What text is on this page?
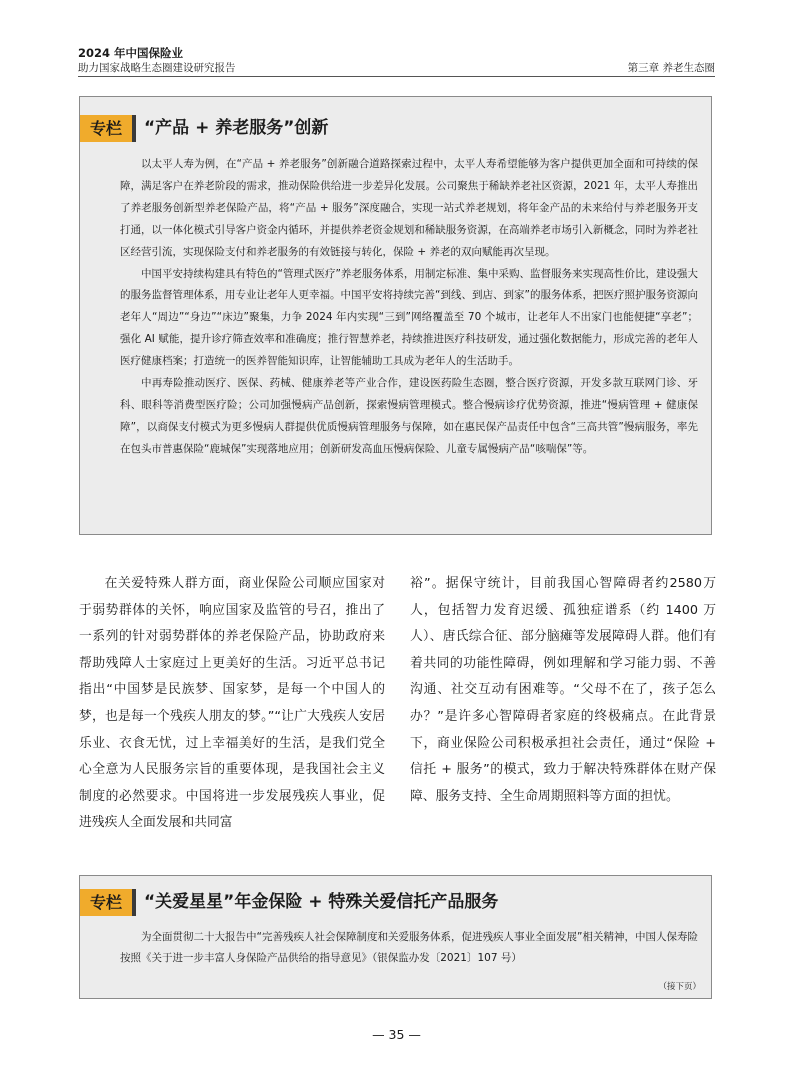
2024 年中国保险业
助力国家战略生态圈建设研究报告	第三章 养老生态圈
专栏	“产品 + 养老服务”创新

以太平人寿为例，在“产品 + 养老服务”创新融合道路探索过程中，太平人寿希望能够为客户提供更加全面和可持续的保障，满足客户在养老阶段的需求，推动保险供给进一步差异化发展。公司聚焦于稀缺养老社区资源，2021 年，太平人寿推出了养老服务创新型养老保险产品，将“产品 + 服务”深度融合，实现一站式养老规划，将年金产品的未来给付与养老服务开支打通，以一体化模式引导客户资金内循环，并提供养老资金规划和稀缺服务资源，在高端养老市场引入新概念，同时为养老社区经营引流，实现保险支付和养老服务的有效链接与转化，保险 + 养老的双向赋能再次呈现。

中国平安持续构建具有特色的“管理式医疗”养老服务体系，用制定标准、集中采购、监督服务来实现高性价比，建设强大的服务监督管理体系，用专业让老年人更幸福。中国平安将持续完善“到线、到店、到家”的服务体系，把医疗照护服务资源向老年人“周边”“身边”“床边”聚集，力争 2024 年内实现“三到”网络覆盖至 70 个城市，让老年人不出家门也能便捷“享老”；强化 AI 赋能，提升诊疗筛查效率和准确度；推行智慧养老，持续推进医疗科技研发，通过强化数据能力，形成完善的老年人医疗健康档案；打造统一的医养智能知识库，让智能辅助工具成为老年人的生活助手。

中再寿险推动医疗、医保、药械、健康养老等产业合作，建设医药险生态圈，整合医疗资源，开发多款互联网门诊、牙科、眼科等消费型医疗险；公司加强慢病产品创新，探索慢病管理模式。整合慢病诊疗优势资源，推进“慢病管理 + 健康保障”，以商保支付模式为更多慢病人群提供优质慢病管理服务与保障，如在惠民保产品责任中包含“三高共管”慢病服务，率先在包头市普惠保险“鹿城保”实现落地应用；创新研发高血压慢病保险、儿童专属慢病产品“咳喘保”等。

在关爱特殊人群方面，商业保险公司顺应国家对于弱势群体的关怀，响应国家及监管的号召，推出了一系列的针对弱势群体的养老保险产品，协助政府来帮助残障人士家庭过上更美好的生活。习近平总书记指出“中国梦是民族梦、国家梦，是每一个中国人的梦，也是每一个残疾人朋友的梦。”“让广大残疾人安居乐业、衣食无忧，过上幸福美好的生活，是我们党全心全意为人民服务宗旨的重要体现，是我国社会主义制度的必然要求。中国将进一步发展残疾人事业，促进残疾人全面发展和共同富

裕”。据保守统计，目前我国心智障碍者约2580万人，包括智力发育迟缓、孤独症谱系（约 1400 万人）、唐氏综合征、部分脑瘫等发展障碍人群。他们有着共同的功能性障碍，例如理解和学习能力弱、不善沟通、社交互动有困难等。“父母不在了，孩子怎么办？”是许多心智障碍者家庭的终极痛点。在此背景下，商业保险公司积极承担社会责任，通过“保险 + 信托 + 服务”的模式，致力于解决特殊群体在财产保障、服务支持、全生命周期照料等方面的担忧。

专栏	“关爱星星”年金保险 + 特殊关爱信托产品服务

为全面贯彻二十大报告中“完善残疾人社会保障制度和关爱服务体系，促进残疾人事业全面发展”相关精神，中国人保寿险按照《关于进一步丰富人身保险产品供给的指导意见》（银保监办发〔2021〕107 号）

（接下页）
— 35 —
